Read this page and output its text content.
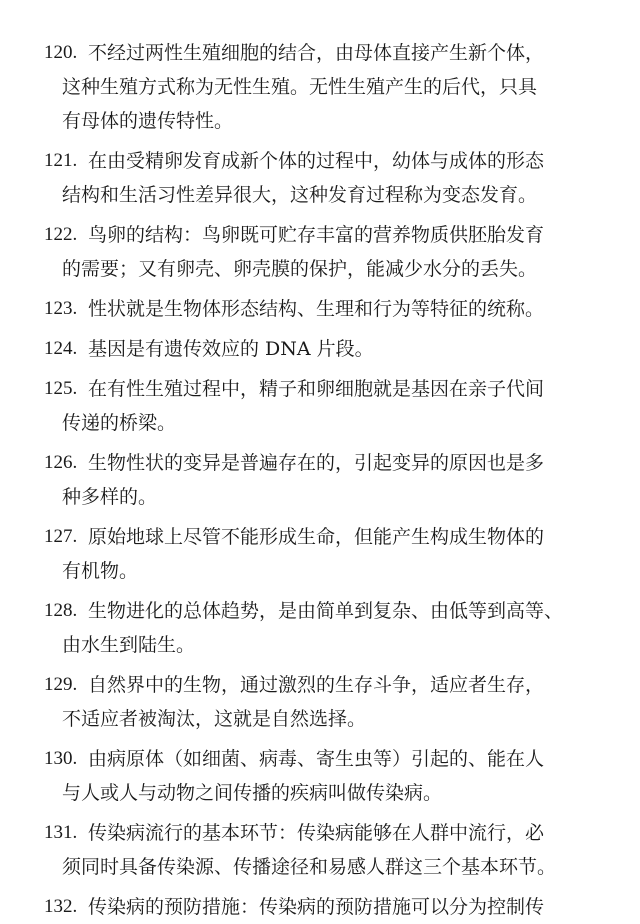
120. 不经过两性生殖细胞的结合，由母体直接产生新个体，
这种生殖方式称为无性生殖。无性生殖产生的后代，只具
有母体的遗传特性。
121. 在由受精卵发育成新个体的过程中，幼体与成体的形态
结构和生活习性差异很大，这种发育过程称为变态发育。
122. 鸟卵的结构：鸟卵既可贮存丰富的营养物质供胚胎发育
的需要；又有卵壳、卵壳膜的保护，能减少水分的丢失。
123. 性状就是生物体形态结构、生理和行为等特征的统称。
124. 基因是有遗传效应的 DNA 片段。
125. 在有性生殖过程中，精子和卵细胞就是基因在亲子代间
传递的桥梁。
126. 生物性状的变异是普遍存在的，引起变异的原因也是多
种多样的。
127. 原始地球上尽管不能形成生命，但能产生构成生物体的
有机物。
128. 生物进化的总体趋势，是由简单到复杂、由低等到高等、
由水生到陆生。
129. 自然界中的生物，通过激烈的生存斗争，适应者生存，
不适应者被淘汰，这就是自然选择。
130. 由病原体（如细菌、病毒、寄生虫等）引起的、能在人
与人或人与动物之间传播的疾病叫做传染病。
131. 传染病流行的基本环节：传染病能够在人群中流行，必
须同时具备传染源、传播途径和易感人群这三个基本环节。
132. 传染病的预防措施：传染病的预防措施可以分为控制传
